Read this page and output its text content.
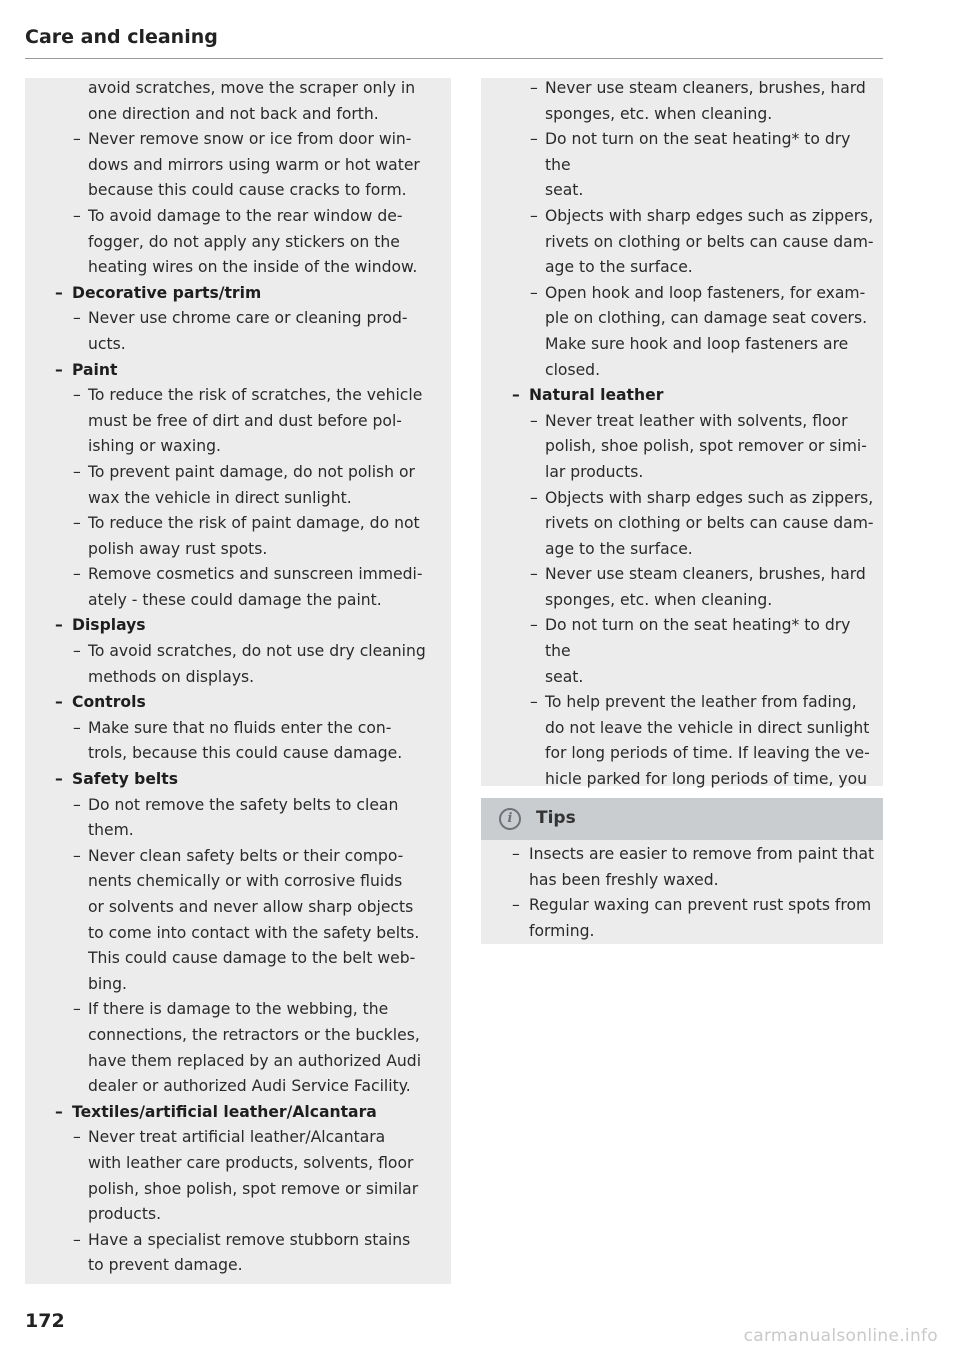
Care and cleaning
avoid scratches, move the scraper only in
one direction and not back and forth.
– Never remove snow or ice from door win-
dows and mirrors using warm or hot water
because this could cause cracks to form.
– To avoid damage to the rear window de-
fogger, do not apply any stickers on the
heating wires on the inside of the window.
– Decorative parts/trim
– Never use chrome care or cleaning prod-
ucts.
– Paint
– To reduce the risk of scratches, the vehicle
must be free of dirt and dust before pol-
ishing or waxing.
– To prevent paint damage, do not polish or
wax the vehicle in direct sunlight.
– To reduce the risk of paint damage, do not
polish away rust spots.
– Remove cosmetics and sunscreen immedi-
ately - these could damage the paint.
– Displays
– To avoid scratches, do not use dry cleaning
methods on displays.
– Controls
– Make sure that no fluids enter the con-
trols, because this could cause damage.
– Safety belts
– Do not remove the safety belts to clean
them.
– Never clean safety belts or their compo-
nents chemically or with corrosive fluids
or solvents and never allow sharp objects
to come into contact with the safety belts.
This could cause damage to the belt web-
bing.
– If there is damage to the webbing, the
connections, the retractors or the buckles,
have them replaced by an authorized Audi
dealer or authorized Audi Service Facility.
– Textiles/artificial leather/Alcantara
– Never treat artificial leather/Alcantara
with leather care products, solvents, floor
polish, shoe polish, spot remove or similar
products.
– Have a specialist remove stubborn stains
to prevent damage.
– Never use steam cleaners, brushes, hard
sponges, etc. when cleaning.
– Do not turn on the seat heating* to dry the
seat.
– Objects with sharp edges such as zippers,
rivets on clothing or belts can cause dam-
age to the surface.
– Open hook and loop fasteners, for exam-
ple on clothing, can damage seat covers.
Make sure hook and loop fasteners are
closed.
– Natural leather
– Never treat leather with solvents, floor
polish, shoe polish, spot remover or simi-
lar products.
– Objects with sharp edges such as zippers,
rivets on clothing or belts can cause dam-
age to the surface.
– Never use steam cleaners, brushes, hard
sponges, etc. when cleaning.
– Do not turn on the seat heating* to dry the
seat.
– To help prevent the leather from fading,
do not leave the vehicle in direct sunlight
for long periods of time. If leaving the ve-
hicle parked for long periods of time, you
i	Tips
– Insects are easier to remove from paint that
has been freshly waxed.
– Regular waxing can prevent rust spots from
forming.
172
carmanualsonline.info
